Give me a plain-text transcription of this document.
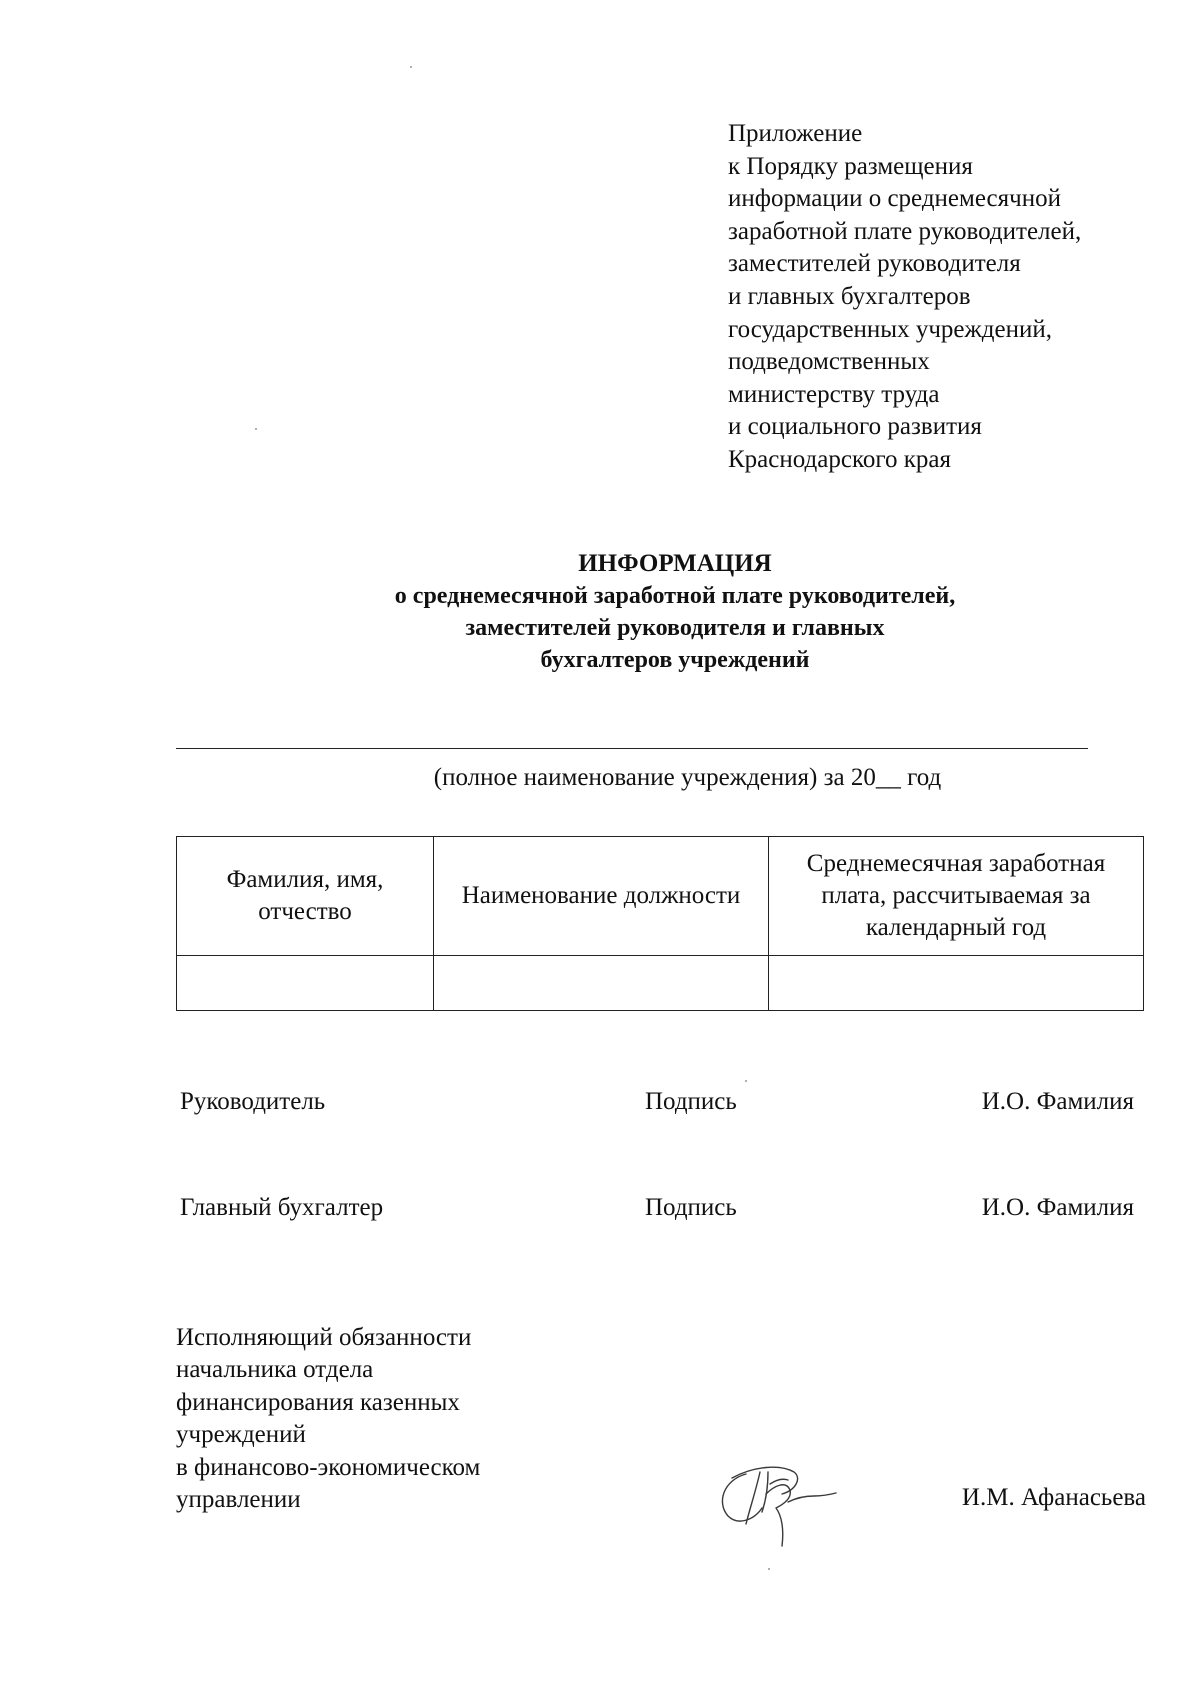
Приложение
к Порядку размещения
информации о среднемесячной
заработной плате руководителей,
заместителей руководителя
и главных бухгалтеров
государственных учреждений,
подведомственных
министерству труда
и социального развития
Краснодарского края
ИНФОРМАЦИЯ
о среднемесячной заработной плате руководителей,
заместителей руководителя и главных
бухгалтеров учреждений
(полное наименование учреждения) за 20__ год
Фамилия, имя, отчество	Наименование должности	Среднемесячная заработная плата, рассчитываемая за календарный год

Руководитель	Подпись	И.О. Фамилия
Главный бухгалтер	Подпись	И.О. Фамилия
Исполняющий обязанности
начальника отдела
финансирования казенных
учреждений
в финансово-экономическом
управлении	И.М. Афанасьева
